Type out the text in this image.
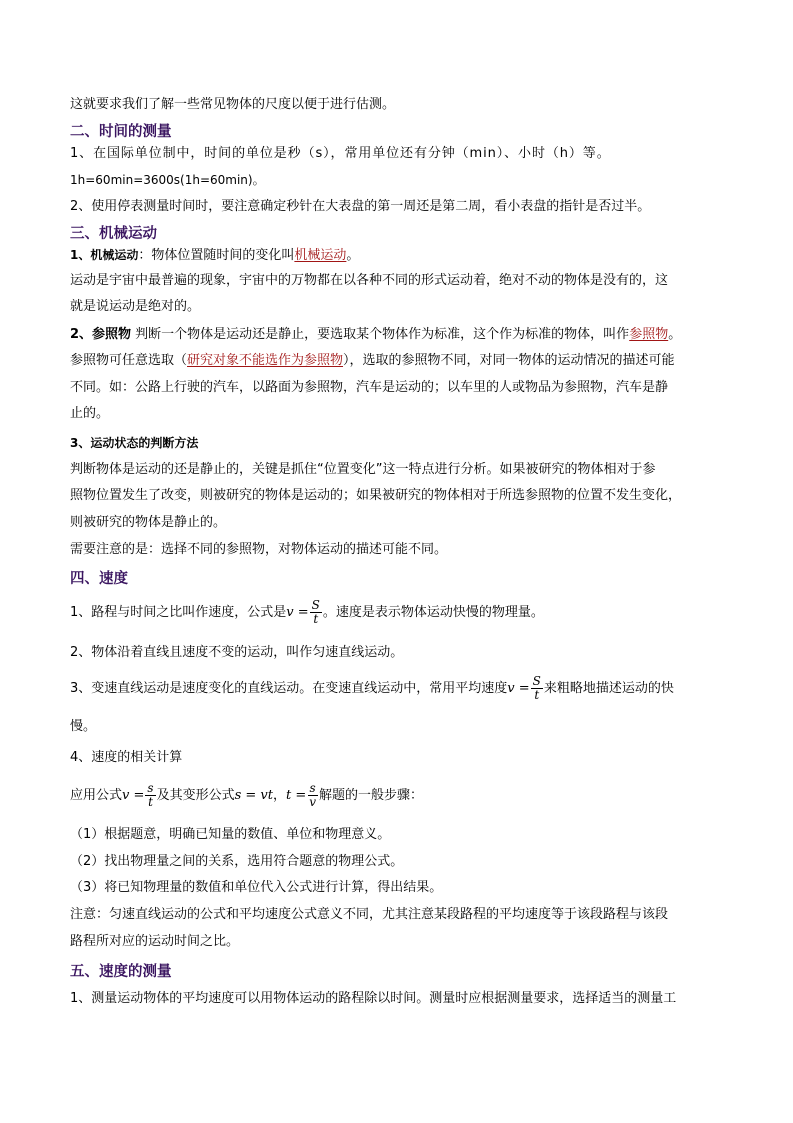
这就要求我们了解一些常见物体的尺度以便于进行估测。

二、时间的测量

1、在国际单位制中，时间的单位是秒（s），常用单位还有分钟（min）、小时（h）等。

1h=60min=3600s(1h=60min)。

2、使用停表测量时间时，要注意确定秒针在大表盘的第一周还是第二周，看小表盘的指针是否过半。

三、机械运动

1、机械运动：物体位置随时间的变化叫机械运动。

运动是宇宙中最普遍的现象，宇宙中的万物都在以各种不同的形式运动着，绝对不动的物体是没有的，这

就是说运动是绝对的。

2、参照物 判断一个物体是运动还是静止，要选取某个物体作为标准，这个作为标准的物体，叫作参照物。

参照物可任意选取（研究对象不能选作为参照物），选取的参照物不同，对同一物体的运动情况的描述可能

不同。如：公路上行驶的汽车，以路面为参照物，汽车是运动的；以车里的人或物品为参照物，汽车是静

止的。

3、运动状态的判断方法

判断物体是运动的还是静止的，关键是抓住“位置变化”这一特点进行分析。如果被研究的物体相对于参

照物位置发生了改变，则被研究的物体是运动的；如果被研究的物体相对于所选参照物的位置不发生变化，

则被研究的物体是静止的。

需要注意的是：选择不同的参照物，对物体运动的描述可能不同。

四、速度

1、路程与时间之比叫作速度，公式是$v = \frac{S}{t}$ 。速度是表示物体运动快慢的物理量。

2、物体沿着直线且速度不变的运动，叫作匀速直线运动。

3、变速直线运动是速度变化的直线运动。在变速直线运动中，常用平均速度$v = \frac{S}{t}$ 来粗略地描述运动的快

慢。

4、速度的相关计算

应用公式$v = \frac{s}{t}$ 及其变形公式s = vt，$t = \frac{s}{v}$ 解题的一般步骤：

（1）根据题意，明确已知量的数值、单位和物理意义。

（2）找出物理量之间的关系，选用符合题意的物理公式。

（3）将已知物理量的数值和单位代入公式进行计算，得出结果。

注意：匀速直线运动的公式和平均速度公式意义不同，尤其注意某段路程的平均速度等于该段路程与该段

路程所对应的运动时间之比。

五、速度的测量

1、测量运动物体的平均速度可以用物体运动的路程除以时间。测量时应根据测量要求，选择适当的测量工
